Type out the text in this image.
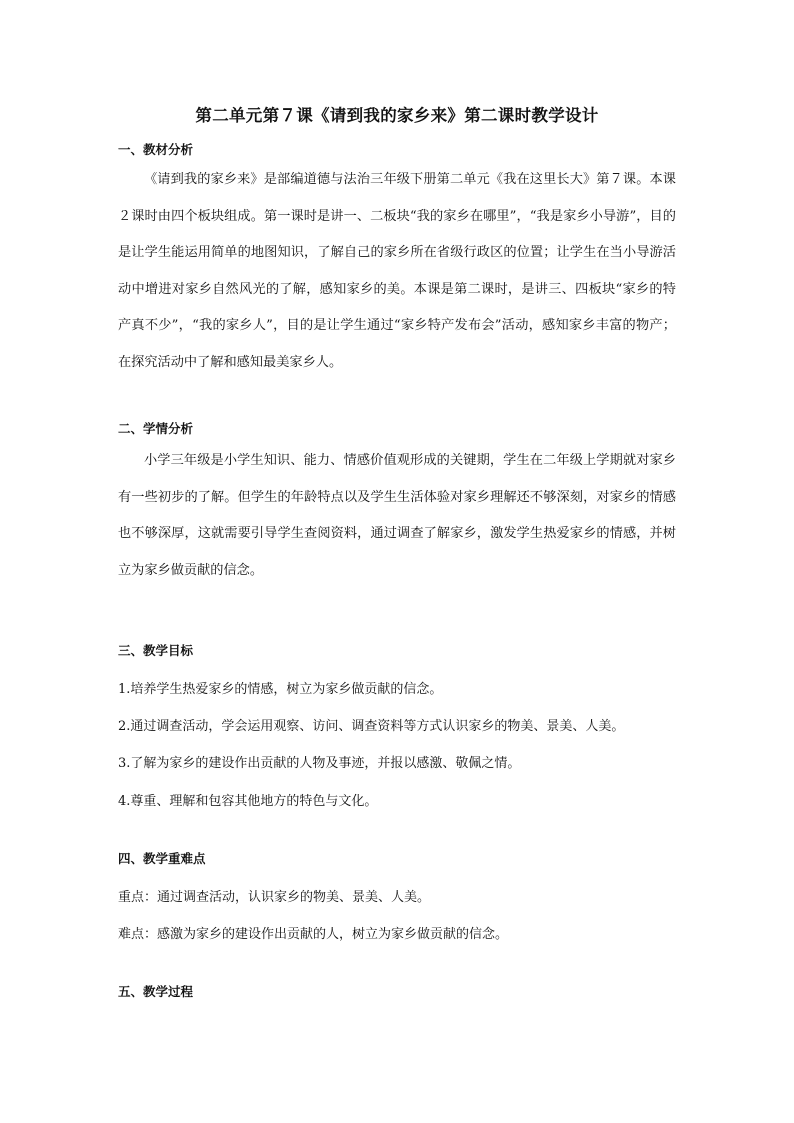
第二单元第７课《请到我的家乡来》第二课时教学设计
一、教材分析
《请到我的家乡来》是部编道德与法治三年级下册第二单元《我在这里长大》第７课。本课２课时由四个板块组成。第一课时是讲一、二板块“我的家乡在哪里”，“我是家乡小导游”，目的是让学生能运用简单的地图知识，了解自己的家乡所在省级行政区的位置；让学生在当小导游活动中增进对家乡自然风光的了解，感知家乡的美。本课是第二课时，是讲三、四板块“家乡的特产真不少”，“我的家乡人”，目的是让学生通过“家乡特产发布会”活动，感知家乡丰富的物产；在探究活动中了解和感知最美家乡人。
二、学情分析
小学三年级是小学生知识、能力、情感价值观形成的关键期，学生在二年级上学期就对家乡有一些初步的了解。但学生的年龄特点以及学生生活体验对家乡理解还不够深刻，对家乡的情感也不够深厚，这就需要引导学生查阅资料，通过调查了解家乡，激发学生热爱家乡的情感，并树立为家乡做贡献的信念。
三、教学目标
1.培养学生热爱家乡的情感，树立为家乡做贡献的信念。
2.通过调查活动，学会运用观察、访问、调查资料等方式认识家乡的物美、景美、人美。
3.了解为家乡的建设作出贡献的人物及事迹，并报以感激、敬佩之情。
4.尊重、理解和包容其他地方的特色与文化。
四、教学重难点
重点：通过调查活动，认识家乡的物美、景美、人美。
难点：感激为家乡的建设作出贡献的人，树立为家乡做贡献的信念。
五、教学过程
